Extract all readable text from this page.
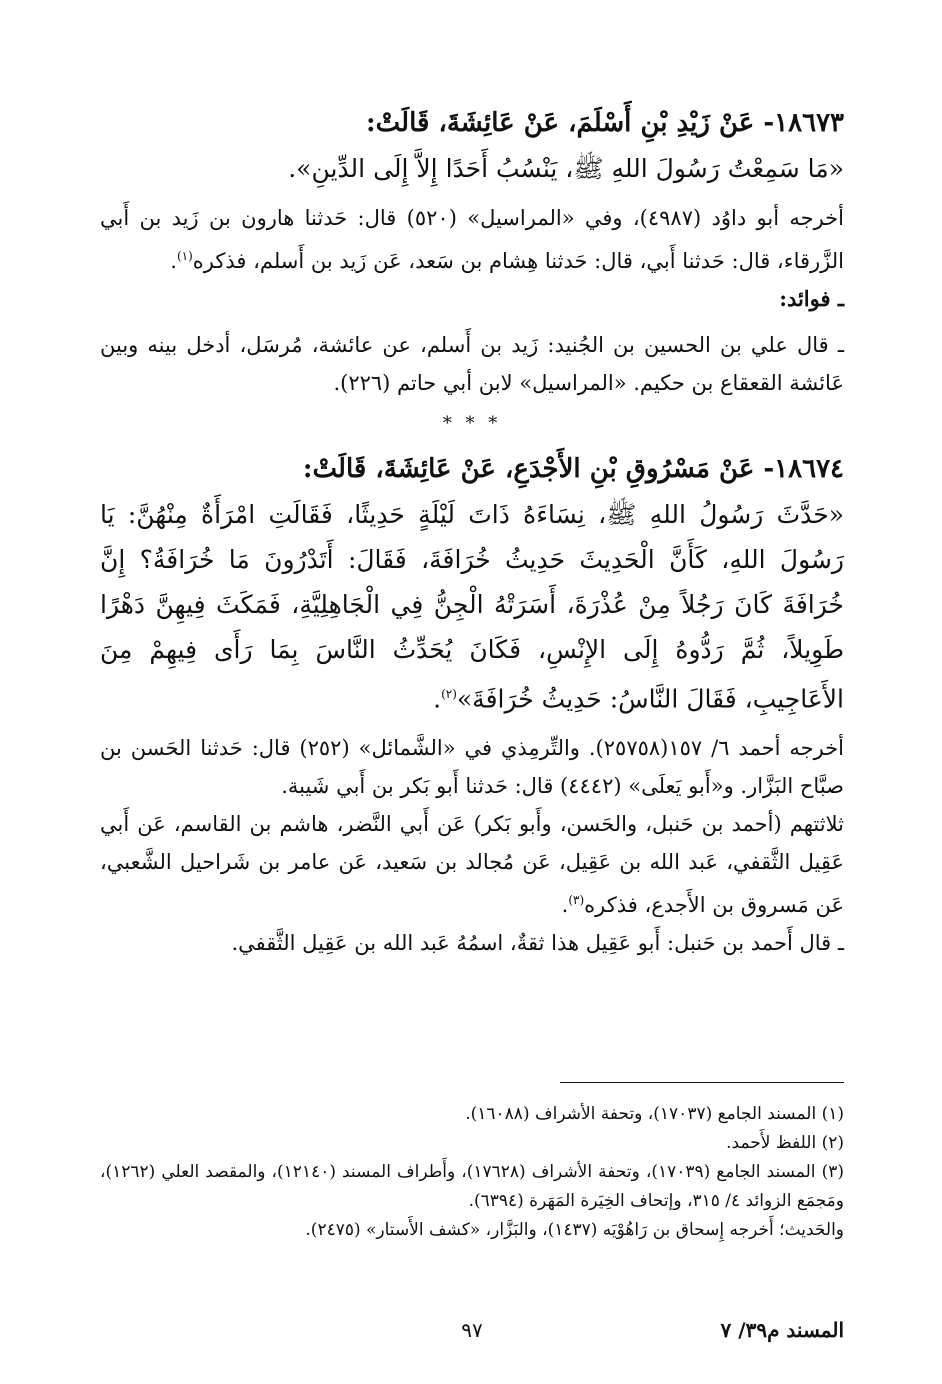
١٨٦٧٣- عَنْ زَيْدِ بْنِ أَسْلَمَ، عَنْ عَائِشَةَ، قَالَتْ:

«مَا سَمِعْتُ رَسُولَ اللهِ ﷺ، يَنْسُبُ أَحَدًا إِلاَّ إِلَى الدِّينِ».

أخرجه أبو داوُد (٤٩٨٧)، وفي «المراسيل» (٥٢٠) قال: حَدثنا هارون بن زَيد بن أَبي الزَّرقاء، قال: حَدثنا أَبي، قال: حَدثنا هِشام بن سَعد، عَن زَيد بن أَسلم، فذكره$^{(١)}$.

ـ فوائد:

ـ قال علي بن الحسين بن الجُنيد: زَيد بن أَسلم، عن عائشة، مُرسَل، أدخل بينه وبين عَائشة القعقاع بن حكيم. «المراسيل» لابن أبي حاتم (٢٢٦).

* * *

١٨٦٧٤- عَنْ مَسْرُوقِ بْنِ الأَجْدَعِ، عَنْ عَائِشَةَ، قَالَتْ:

«حَدَّثَ رَسُولُ اللهِ ﷺ، نِسَاءَهُ ذَاتَ لَيْلَةٍ حَدِيثًا، فَقَالَتِ امْرَأَةٌ مِنْهُنَّ: يَا رَسُولَ اللهِ، كَأَنَّ الْحَدِيثَ حَدِيثُ خُرَافَةَ، فَقَالَ: أَتَدْرُونَ مَا خُرَافَةُ؟ إِنَّ خُرَافَةَ كَانَ رَجُلاً مِنْ عُذْرَةَ، أَسَرَتْهُ الْجِنُّ فِي الْجَاهِلِيَّةِ، فَمَكَثَ فِيهِنَّ دَهْرًا طَوِيلاً، ثُمَّ رَدُّوهُ إِلَى الإِنْسِ، فَكَانَ يُحَدِّثُ النَّاسَ بِمَا رَأَى فِيهِمْ مِنَ الأَعَاجِيبِ، فَقَالَ النَّاسُ: حَدِيثُ خُرَافَةَ»$^{(٢)}$.

أخرجه أحمد ٦/ ١٥٧(٢٥٧٥٨). والتِّرمِذي في «الشَّمائل» (٢٥٢) قال: حَدثنا الحَسن بن صبَّاح البَزَّار. و«أَبو يَعلَى» (٤٤٤٢) قال: حَدثنا أَبو بَكر بن أَبي شَيبة.

ثلاثتهم (أحمد بن حَنبل، والحَسن، وأَبو بَكر) عَن أَبي النَّضر، هاشم بن القاسم، عَن أَبي عَقِيل الثَّقفي، عَبد الله بن عَقِيل، عَن مُجالد بن سَعيد، عَن عامر بن شَراحيل الشَّعبي، عَن مَسروق بن الأَجدع، فذكره$^{(٣)}$.

ـ قال أَحمد بن حَنبل: أَبو عَقِيل هذا ثقةٌ، اسمُهُ عَبد الله بن عَقِيل الثَّقفي.

(١) المسند الجامع (١٧٠٣٧)، وتحفة الأشراف (١٦٠٨٨).

(٢) اللفظ لأَحمد.

(٣) المسند الجامع (١٧٠٣٩)، وتحفة الأشراف (١٧٦٢٨)، وأَطراف المسند (١٢١٤٠)، والمقصد العلي (١٢٦٢)، ومَجمَع الزوائد ٤/ ٣١٥، وإتحاف الخِيَرة المَهَرة (٦٣٩٤).

والحَديث؛ أَخرجه إِسحاق بن رَاهُوْيَه (١٤٣٧)، والبَزَّار، «كشف الأَستار» (٢٤٧٥).

٩٧	المسند م٣٩/ ٧
